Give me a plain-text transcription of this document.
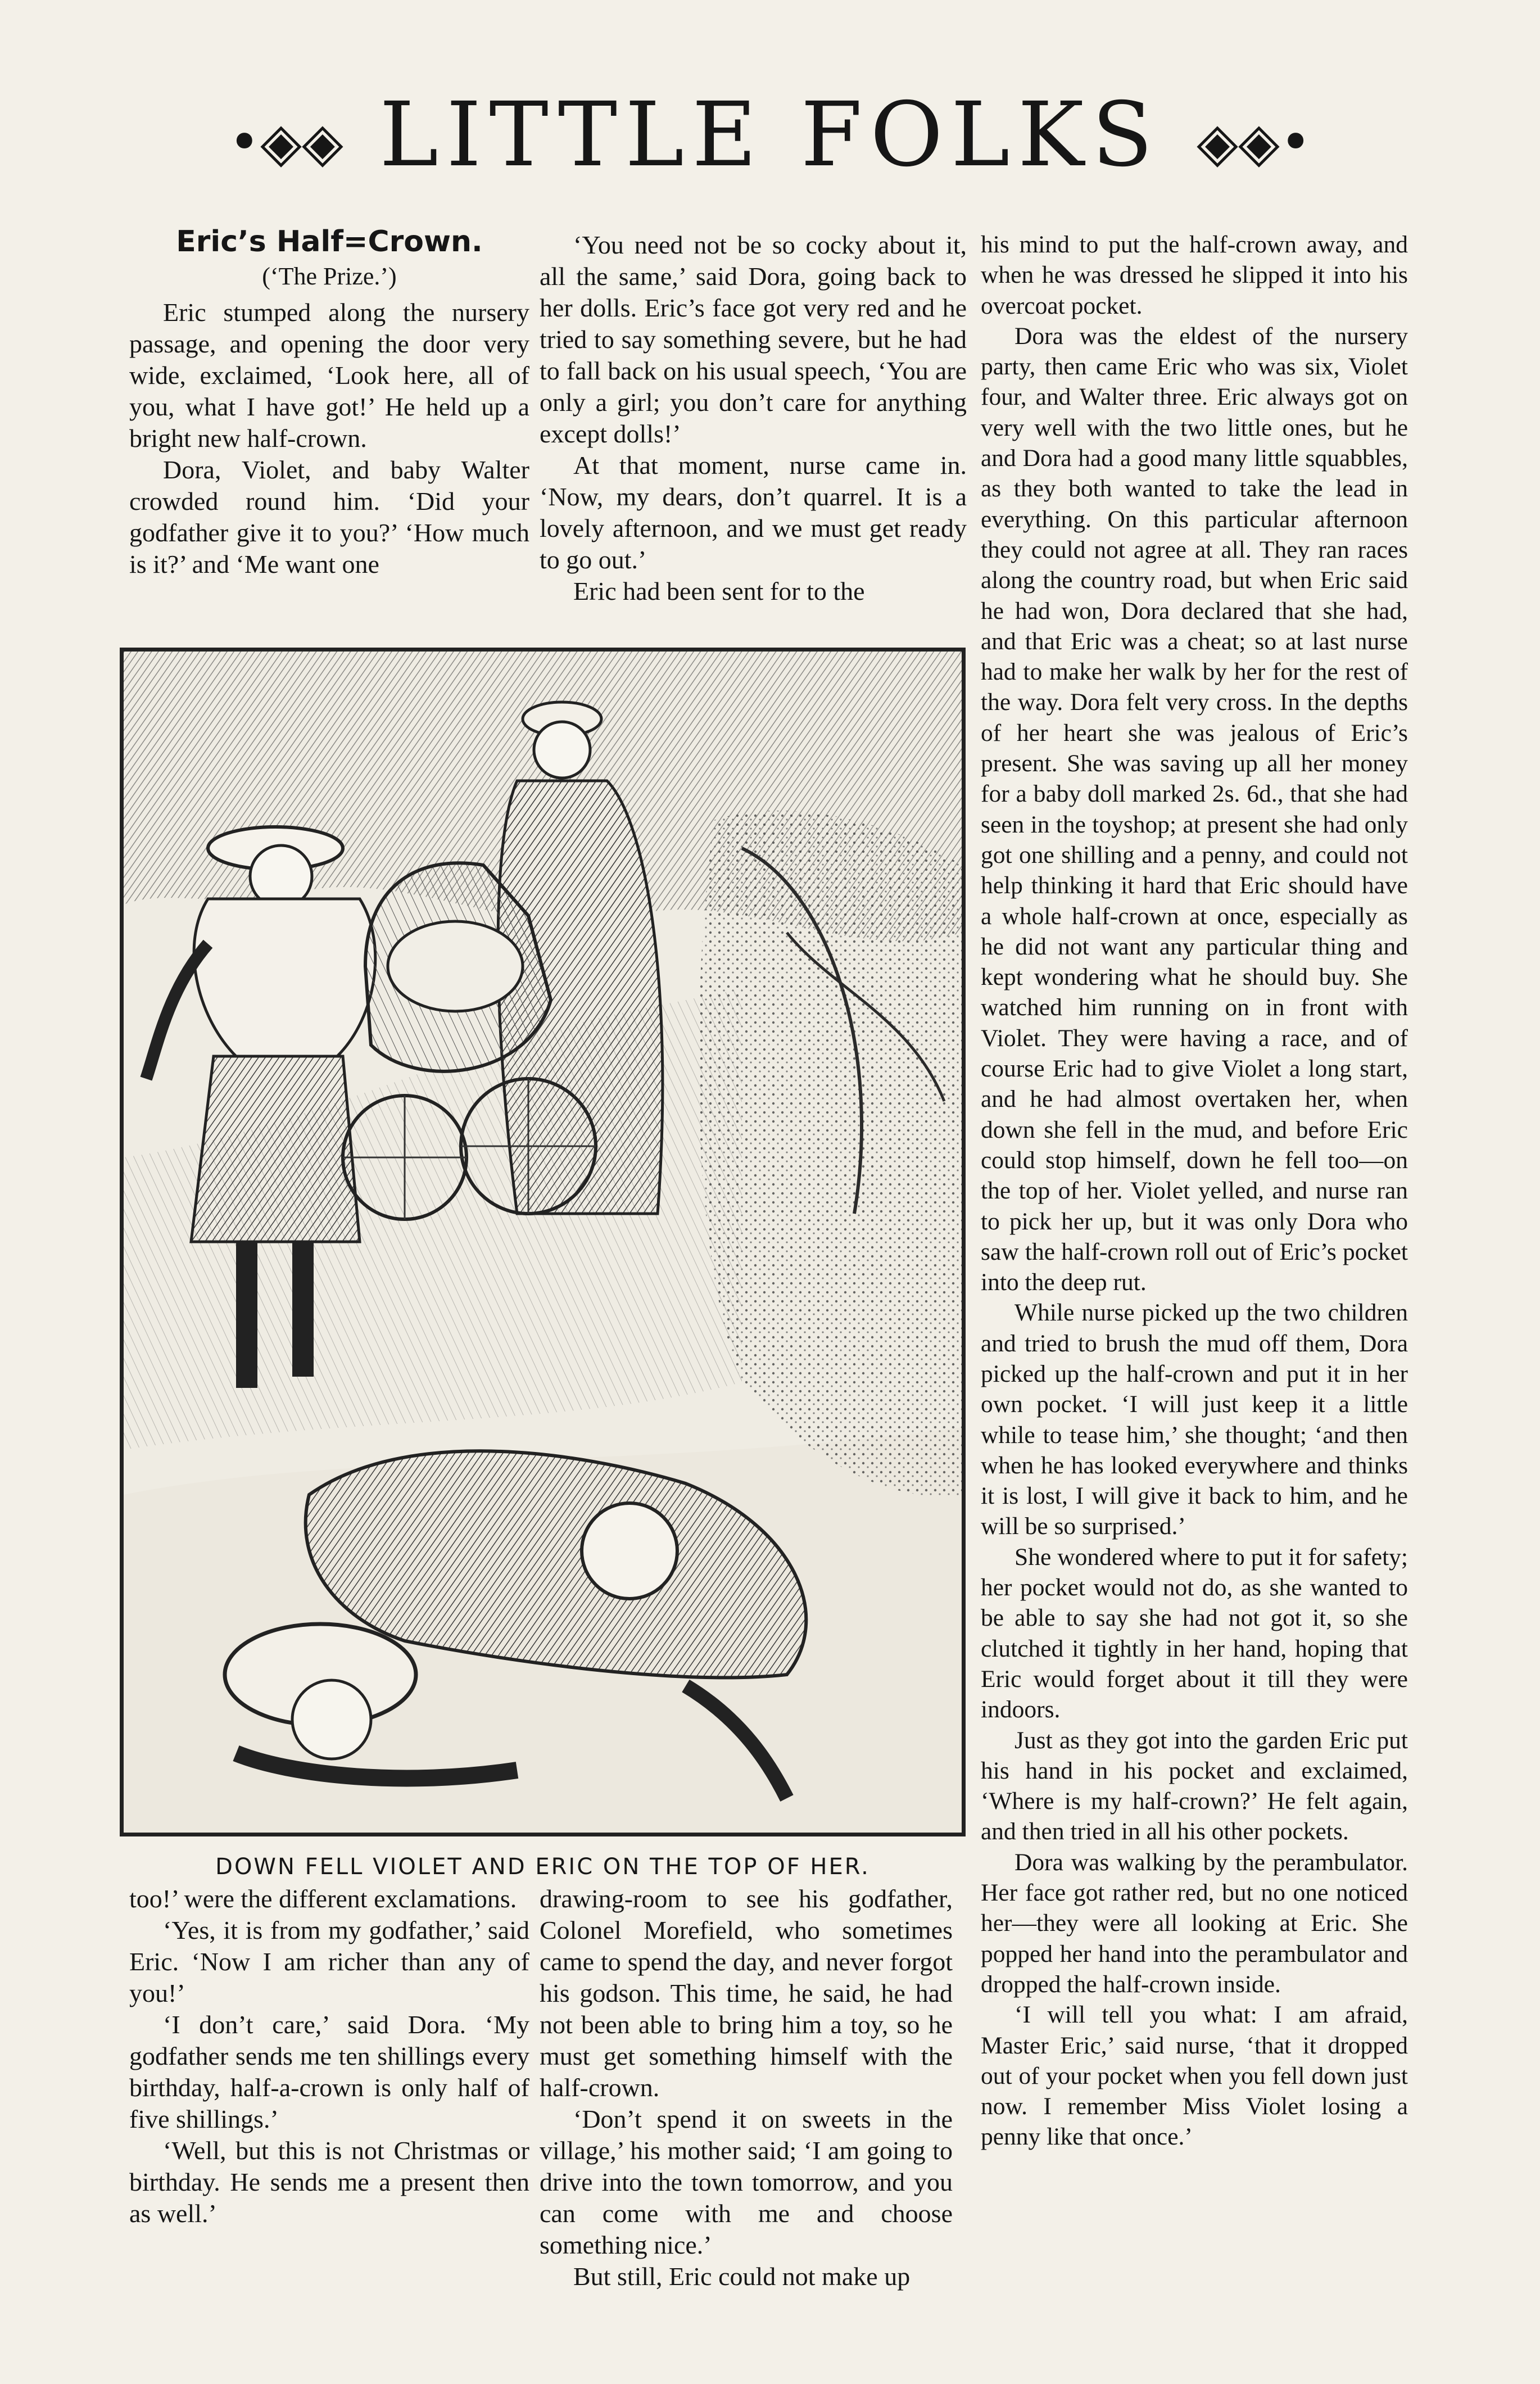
•◈◈ LITTLE FOLKS ◈◈•
Eric’s Half=Crown.
(‘The Prize.’)

Eric stumped along the nursery passage, and opening the door very wide, exclaimed, ‘Look here, all of you, what I have got!’ He held up a bright new half-crown.

Dora, Violet, and baby Walter crowded round him. ‘Did your godfather give it to you?’ ‘How much is it?’ and ‘Me want one

‘You need not be so cocky about it, all the same,’ said Dora, going back to her dolls. Eric’s face got very red and he tried to say something severe, but he had to fall back on his usual speech, ‘You are only a girl; you don’t care for anything except dolls!’

At that moment, nurse came in. ‘Now, my dears, don’t quarrel. It is a lovely afternoon, and we must get ready to go out.’

Eric had been sent for to the

DOWN FELL VIOLET AND ERIC ON THE TOP OF HER.

too!’ were the different exclamations.

‘Yes, it is from my godfather,’ said Eric. ‘Now I am richer than any of you!’

‘I don’t care,’ said Dora. ‘My godfather sends me ten shillings every birthday, half-a-crown is only half of five shillings.’

‘Well, but this is not Christmas or birthday. He sends me a present then as well.’

drawing-room to see his godfather, Colonel Morefield, who sometimes came to spend the day, and never forgot his godson. This time, he said, he had not been able to bring him a toy, so he must get something himself with the half-crown.

‘Don’t spend it on sweets in the village,’ his mother said; ‘I am going to drive into the town tomorrow, and you can come with me and choose something nice.’

But still, Eric could not make up

his mind to put the half-crown away, and when he was dressed he slipped it into his overcoat pocket.

Dora was the eldest of the nursery party, then came Eric who was six, Violet four, and Walter three. Eric always got on very well with the two little ones, but he and Dora had a good many little squabbles, as they both wanted to take the lead in everything. On this particular afternoon they could not agree at all. They ran races along the country road, but when Eric said he had won, Dora declared that she had, and that Eric was a cheat; so at last nurse had to make her walk by her for the rest of the way. Dora felt very cross. In the depths of her heart she was jealous of Eric’s present. She was saving up all her money for a baby doll marked 2s. 6d., that she had seen in the toyshop; at present she had only got one shilling and a penny, and could not help thinking it hard that Eric should have a whole half-crown at once, especially as he did not want any particular thing and kept wondering what he should buy. She watched him running on in front with Violet. They were having a race, and of course Eric had to give Violet a long start, and he had almost overtaken her, when down she fell in the mud, and before Eric could stop himself, down he fell too—on the top of her. Violet yelled, and nurse ran to pick her up, but it was only Dora who saw the half-crown roll out of Eric’s pocket into the deep rut.

While nurse picked up the two children and tried to brush the mud off them, Dora picked up the half-crown and put it in her own pocket. ‘I will just keep it a little while to tease him,’ she thought; ‘and then when he has looked everywhere and thinks it is lost, I will give it back to him, and he will be so surprised.’

She wondered where to put it for safety; her pocket would not do, as she wanted to be able to say she had not got it, so she clutched it tightly in her hand, hoping that Eric would forget about it till they were indoors.

Just as they got into the garden Eric put his hand in his pocket and exclaimed, ‘Where is my half-crown?’ He felt again, and then tried in all his other pockets.

Dora was walking by the perambulator. Her face got rather red, but no one noticed her—they were all looking at Eric. She popped her hand into the perambulator and dropped the half-crown inside.

‘I will tell you what: I am afraid, Master Eric,’ said nurse, ‘that it dropped out of your pocket when you fell down just now. I remember Miss Violet losing a penny like that once.’
